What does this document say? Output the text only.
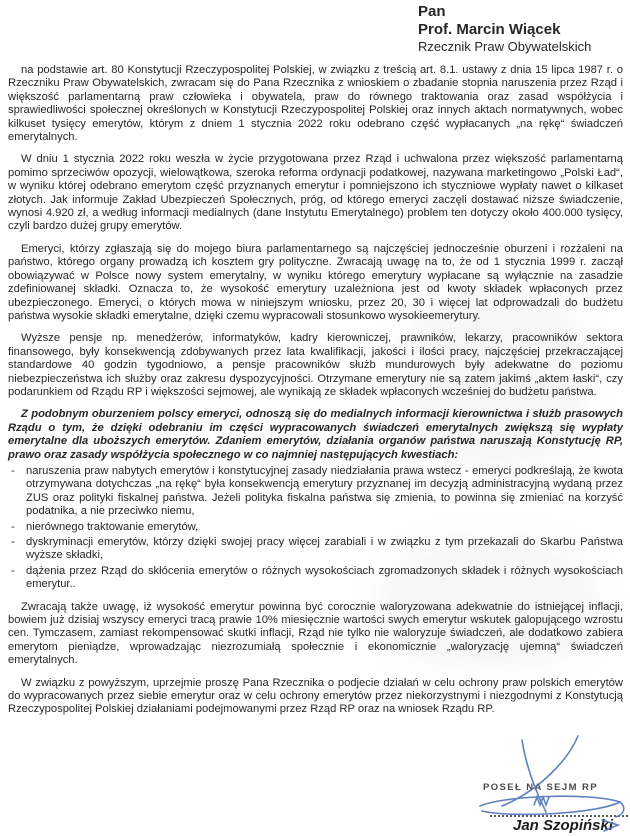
Pan
Prof. Marcin Wiącek
Rzecznik Praw Obywatelskich

na podstawie art. 80 Konstytucji Rzeczypospolitej Polskiej, w związku z treścią art. 8.1. ustawy z dnia 15 lipca 1987 r. o Rzeczniku Praw Obywatelskich, zwracam się do Pana Rzecznika z wnioskiem o zbadanie stopnia naruszenia przez Rząd i większość parlamentarną praw człowieka i obywatela, praw do równego traktowania oraz zasad współżycia i sprawiedliwości społecznej określonych w Konstytucji Rzeczypospolitej Polskiej oraz innych aktach normatywnych, wobec kilkuset tysięcy emerytów, którym z dniem 1 stycznia 2022 roku odebrano część wypłacanych „na rękę“ świadczeń emerytalnych.

W dniu 1 stycznia 2022 roku weszła w życie przygotowana przez Rząd i uchwalona przez większość parlamentarną pomimo sprzeciwów opozycji, wielowątkowa, szeroka reforma ordynacji podatkowej, nazywana marketingowo „Polski Ład“, w wyniku której odebrano emerytom część przyznanych emerytur i pomniejszono ich styczniowe wypłaty nawet o kilkaset złotych. Jak informuje Zakład Ubezpieczeń Społecznych, próg, od którego emeryci zaczęli dostawać niższe świadczenie, wynosi 4.920 zł, a według informacji medialnych (dane Instytutu Emerytalnego) problem ten dotyczy około 400.000 tysięcy, czyli bardzo dużej grupy emerytów.

Emeryci, którzy zgłaszają się do mojego biura parlamentarnego są najczęściej jednocześnie oburzeni i rozżaleni na państwo, którego organy prowadzą ich kosztem gry polityczne. Zwracają uwagę na to, że od 1 stycznia 1999 r. zaczął obowiązywać w Polsce nowy system emerytalny, w wyniku którego emerytury wypłacane są wyłącznie na zasadzie zdefiniowanej składki. Oznacza to, że wysokość emerytury uzależniona jest od kwoty składek wpłaconych przez ubezpieczonego. Emeryci, o których mowa w niniejszym wniosku, przez 20, 30 i więcej lat odprowadzali do budżetu państwa wysokie składki emerytalne, dzięki czemu wypracowali stosunkowo wysokieemerytury.

Wyższe pensje np. menedżerów, informatyków, kadry kierowniczej, prawników, lekarzy, pracowników sektora finansowego, były konsekwencją zdobywanych przez lata kwalifikacji, jakości i ilości pracy, najczęściej przekraczającej standardowe 40 godzin tygodniowo, a pensje pracowników służb mundurowych były adekwatne do poziomu niebezpieczeństwa ich służby oraz zakresu dyspozycyjności. Otrzymane emerytury nie są zatem jakimś „aktem łaski“, czy podarunkiem od Rządu RP i większości sejmowej, ale wynikają ze składek wpłaconych wcześniej do budżetu państwa.

Z podobnym oburzeniem polscy emeryci, odnoszą się do medialnych informacji kierownictwa i służb prasowych Rządu o tym, że dzięki odebraniu im części wypracowanych świadczeń emerytalnych zwiększą się wypłaty emerytalne dla uboższych emerytów. Zdaniem emerytów, działania organów państwa naruszają Konstytucję RP, prawo oraz zasady współżycia społecznego w co najmniej następujących kwestiach:

- naruszenia praw nabytych emerytów i konstytucyjnej zasady niedziałania prawa wstecz - emeryci podkreślają, że kwota otrzymywana dotychczas „na rękę“ była konsekwencją emerytury przyznanej im decyzją administracyjną wydaną przez ZUS oraz polityki fiskalnej państwa. Jeżeli polityka fiskalna państwa się zmienia, to powinna się zmieniać na korzyść podatnika, a nie przeciwko niemu,
- nierównego traktowanie emerytów,
- dyskryminacji emerytów, którzy dzięki swojej pracy więcej zarabiali i w związku z tym przekazali do Skarbu Państwa wyższe składki,
- dążenia przez Rząd do skłócenia emerytów o różnych wysokościach zgromadzonych składek i różnych wysokościach emerytur..

Zwracają także uwagę, iż wysokość emerytur powinna być corocznie waloryzowana adekwatnie do istniejącej inflacji, bowiem już dzisiaj wszyscy emeryci tracą prawie 10% miesięcznie wartości swych emerytur wskutek galopującego wzrostu cen. Tymczasem, zamiast rekompensować skutki inflacji, Rząd nie tylko nie waloryzuje świadczeń, ale dodatkowo zabiera emerytom pieniądze, wprowadzając niezrozumiałą społecznie i ekonomicznie „waloryzację ujemną“ świadczeń emerytalnych.

W związku z powyższym, uprzejmie proszę Pana Rzecznika o podjecie działań w celu ochrony praw polskich emerytów do wypracowanych przez siebie emerytur oraz w celu ochrony emerytów przez niekorzystnymi i niezgodnymi z Konstytucją Rzeczypospolitej Polskiej działaniami podejmowanymi przez Rząd RP oraz na wniosek Rządu RP.

POSEŁ NA SEJM RP
Jan Szopiński
